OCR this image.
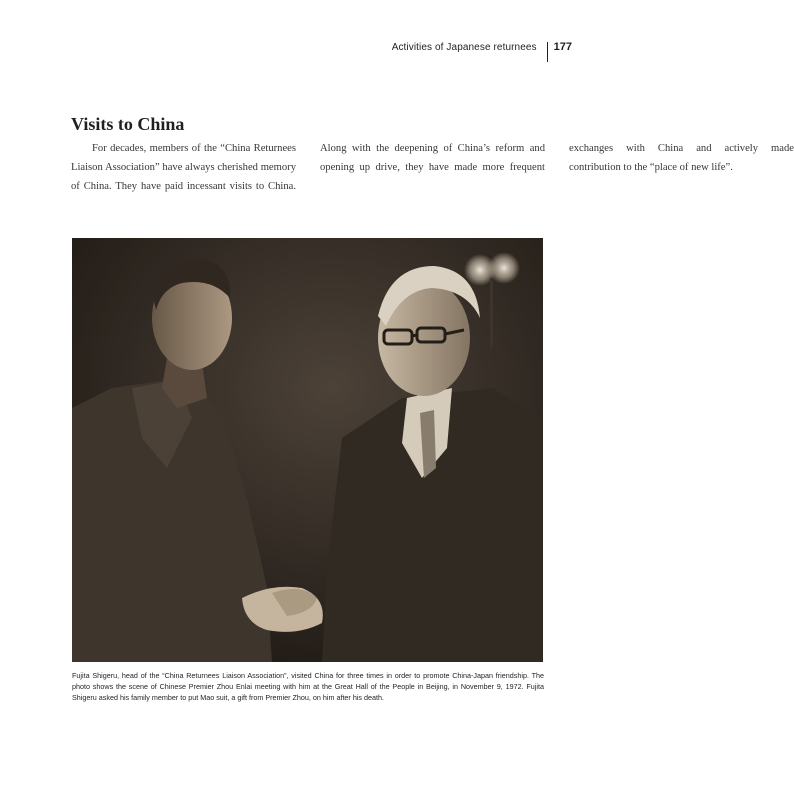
Activities of Japanese returnees 177
Visits to China

For decades, members of the “China Returnees Liaison Association” have always cherished memory of China. They have paid incessant visits to China. Along with the deepening of China’s reform and opening up drive, they have made more frequent exchanges with China and actively made contribution to the “place of new life”.

Fujita Shigeru, head of the “China Returnees Liaison Association”, visited China for three times in order to promote China-Japan friendship. The photo shows the scene of Chinese Premier Zhou Enlai meeting with him at the Great Hall of the People in Beijing, in November 9, 1972. Fujita Shigeru asked his family member to put Mao suit, a gift from Premier Zhou, on him after his death.
